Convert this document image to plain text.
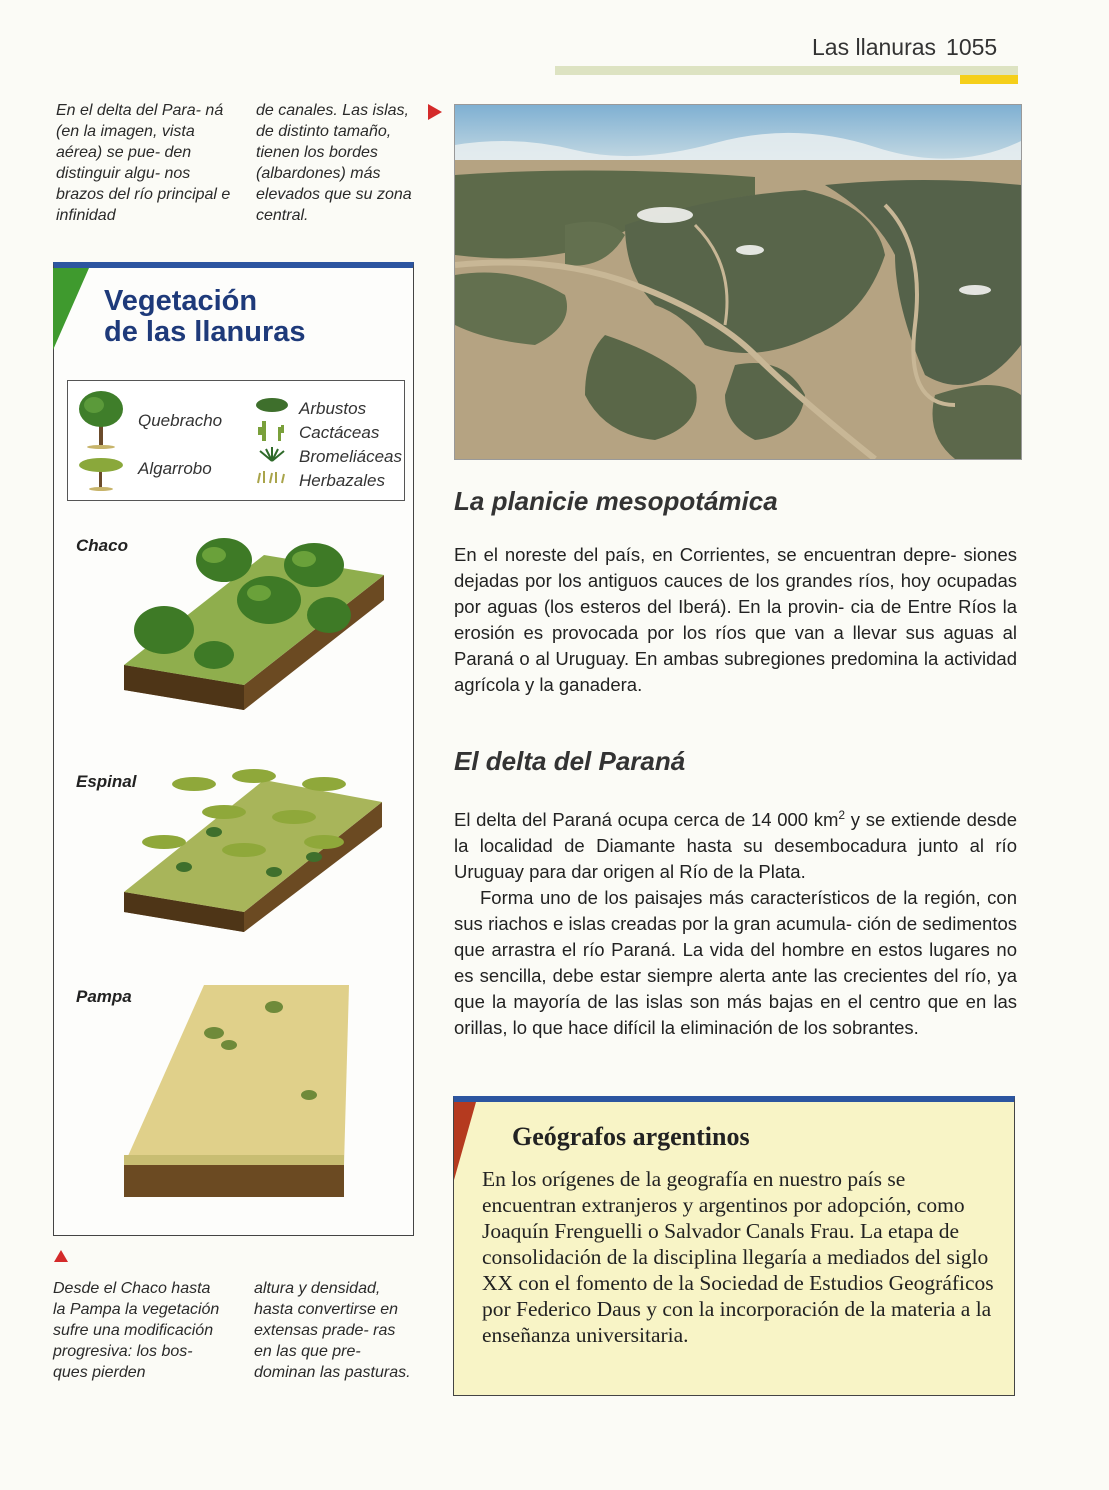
Las llanuras 1055

En el delta del Para- ná (en la imagen, vista aérea) se pue- den distinguir algu- nos brazos del río principal e infinidad

de canales. Las islas, de distinto tamaño, tienen los bordes (albardones) más elevados que su zona central.

Vegetación
de las llanuras
Quebracho
Algarrobo
Arbustos
Cactáceas
Bromeliáceas
Herbazales
Chaco
Espinal
Pampa

Desde el Chaco hasta la Pampa la vegetación sufre una modificación progresiva: los bos- ques pierden

altura y densidad, hasta convertirse en extensas prade- ras en las que pre- dominan las pasturas.

La planicie mesopotámica

En el noreste del país, en Corrientes, se encuentran depre- siones dejadas por los antiguos cauces de los grandes ríos, hoy ocupadas por aguas (los esteros del Iberá). En la provin- cia de Entre Ríos la erosión es provocada por los ríos que van a llevar sus aguas al Paraná o al Uruguay. En ambas subregiones predomina la actividad agrícola y la ganadera.

El delta del Paraná

El delta del Paraná ocupa cerca de 14 000 $km^2$ y se extiende desde la localidad de Diamante hasta su desembocadura junto al río Uruguay para dar origen al Río de la Plata.

Forma uno de los paisajes más característicos de la región, con sus riachos e islas creadas por la gran acumula- ción de sedimentos que arrastra el río Paraná. La vida del hombre en estos lugares no es sencilla, debe estar siempre alerta ante las crecientes del río, ya que la mayoría de las islas son más bajas en el centro que en las orillas, lo que hace difícil la eliminación de los sobrantes.

Geógrafos argentinos
En los orígenes de la geografía en nuestro país se encuentran extranjeros y argentinos por adopción, como Joaquín Frenguelli o Salvador Canals Frau. La etapa de consolidación de la disciplina llegaría a mediados del siglo XX con el fomento de la Sociedad de Estudios Geográficos por Federico Daus y con la incorporación de la materia a la enseñanza universitaria.
